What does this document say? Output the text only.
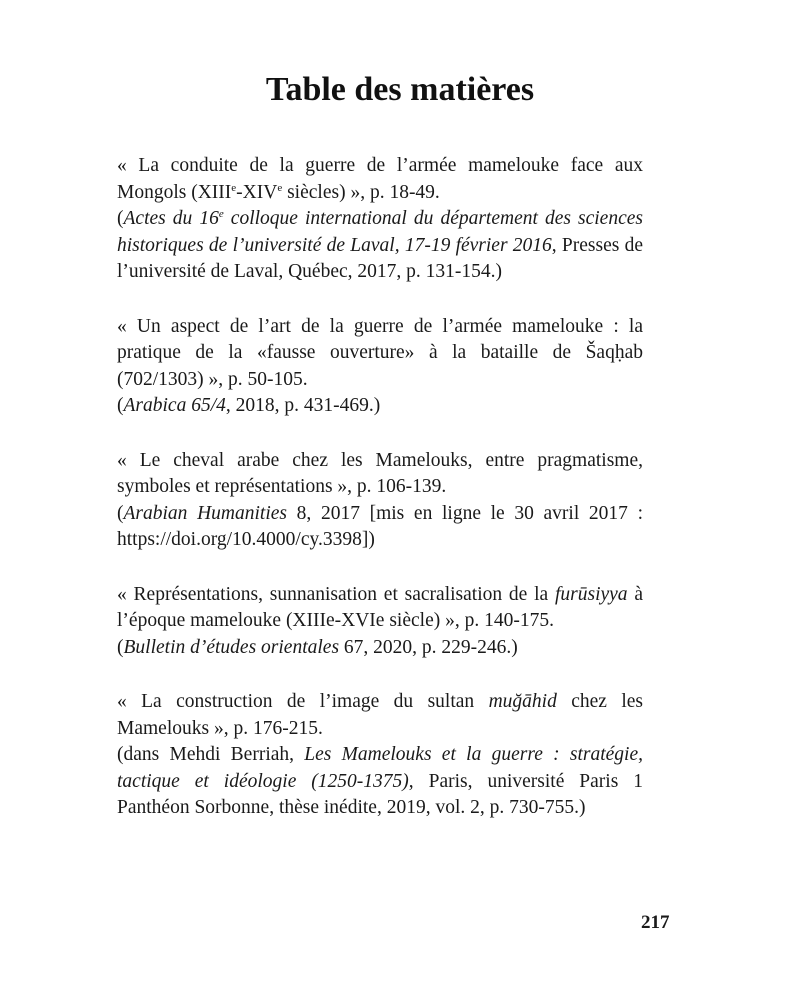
Table des matières

« La conduite de la guerre de l’armée mamelouke face aux Mongols (XIIIe-XIVe siècles) », p. 18-49.

(Actes du 16e colloque international du département des sciences historiques de l’université de Laval, 17-19 février 2016, Presses de l’université de Laval, Québec, 2017, p. 131-154.)

« Un aspect de l’art de la guerre de l’armée mamelouke : la pratique de la «fausse ouverture» à la bataille de Šaqḥab (702/1303) », p. 50-105.

(Arabica 65/4, 2018, p. 431-469.)

« Le cheval arabe chez les Mamelouks, entre pragmatisme, symboles et représentations », p. 106-139.

(Arabian Humanities 8, 2017 [mis en ligne le 30 avril 2017 : https://doi.org/10.4000/cy.3398])

« Représentations, sunnanisation et sacralisation de la furūsiyya à l’époque mamelouke (XIIIe-XVIe siècle) », p. 140-175.

(Bulletin d’études orientales 67, 2020, p. 229-246.)

« La construction de l’image du sultan muğāhid chez les Mamelouks », p. 176-215.

(dans Mehdi Berriah, Les Mamelouks et la guerre : stratégie, tactique et idéologie (1250-1375), Paris, université Paris 1 Panthéon Sorbonne, thèse inédite, 2019, vol. 2, p. 730-755.)

217
